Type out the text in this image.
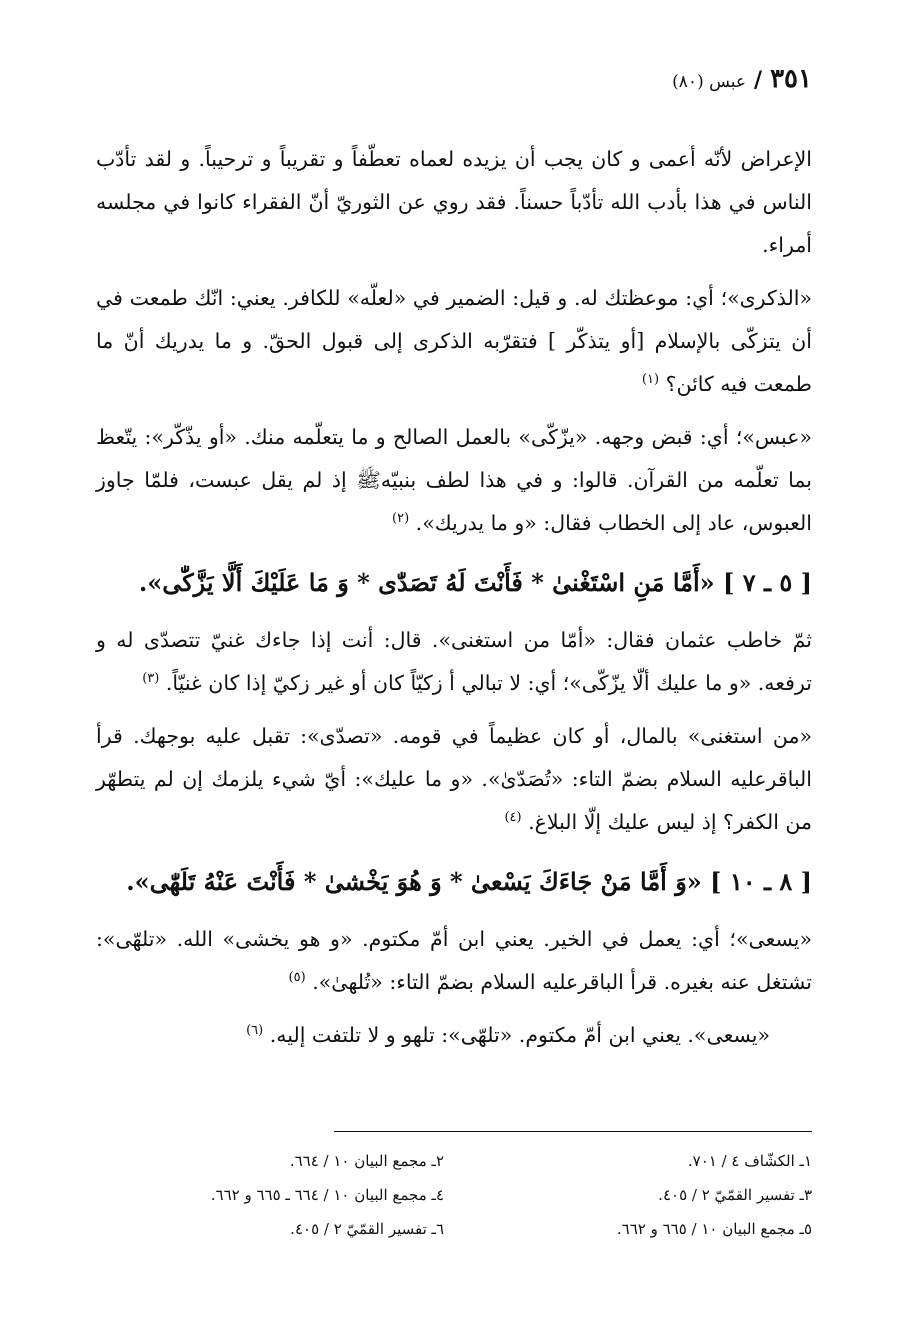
٣٥١
/
عبس (٨٠)

الإعراض لأنّه أعمى و كان يجب أن يزيده لعماه تعطّفاً و تقريباً و ترحيباً. و لقد تأدّب الناس في هذا بأدب الله تأدّباً حسناً. فقد روي عن الثوريّ أنّ الفقراء كانوا في مجلسه أمراء.

«الذكرى»؛ أي: موعظتك له. و قيل: الضمير في «لعلّه» للكافر. يعني: انّك طمعت في أن يتزكّى بالإسلام [أو يتذكّر ] فتقرّبه الذكرى إلى قبول الحقّ. و ما يدريك أنّ ما طمعت فيه كائن؟ $^{(١)}$

«عبس»؛ أي: قبض وجهه. «يزّكّى» بالعمل الصالح و ما يتعلّمه منك. «أو يذّكّر»: يتّعظ بما تعلّمه من القرآن. قالوا: و في هذا لطف بنبيّهﷺ إذ لم يقل عبست، فلمّا جاوز العبوس، عاد إلى الخطاب فقال: «و ما يدريك». $^{(٢)}$

[ ٥ ـ ٧ ] «أَمَّا مَنِ اسْتَغْنىٰ * فَأَنْتَ لَهُ تَصَدّٰى * وَ مَا عَلَيْكَ أَلَّا يَزَّكّٰى».

ثمّ خاطب عثمان فقال: «أمّا من استغنى». قال: أنت إذا جاءك غنيّ تتصدّى له و ترفعه. «و ما عليك ألّا يزّكّى»؛ أي: لا تبالي أ زكيّاً كان أو غير زكيّ إذا كان غنيّاً. $^{(٣)}$

«من استغنى» بالمال، أو كان عظيماً في قومه. «تصدّى»: تقبل عليه بوجهك. قرأ الباقرعليه السلام بضمّ التاء: «تُصَدّىٰ». «و ما عليك»: أيّ شيء يلزمك إن لم يتطهّر من الكفر؟ إذ ليس عليك إلّا البلاغ. $^{(٤)}$

[ ٨ ـ ١٠ ] «وَ أَمَّا مَنْ جَاءَكَ يَسْعىٰ * وَ هُوَ يَخْشىٰ * فَأَنْتَ عَنْهُ تَلَهّٰى».

«يسعى»؛ أي: يعمل في الخير. يعني ابن أمّ مكتوم. «و هو يخشى» الله. «تلهّى»: تشتغل عنه بغيره. قرأ الباقرعليه السلام بضمّ التاء: «تُلهىٰ». $^{(٥)}$

«يسعى». يعني ابن أمّ مكتوم. «تلهّى»: تلهو و لا تلتفت إليه. $^{(٦)}$

١ـ الكشّاف ٤ / ٧٠١.
٢ـ مجمع البيان ١٠ / ٦٦٤.
٣ـ تفسير القمّيّ ٢ / ٤٠٥.
٤ـ مجمع البيان ١٠ / ٦٦٤ ـ ٦٦٥ و ٦٦٢.
٥ـ مجمع البيان ١٠ / ٦٦٥ و ٦٦٢.
٦ـ تفسير القمّيّ ٢ / ٤٠٥.
